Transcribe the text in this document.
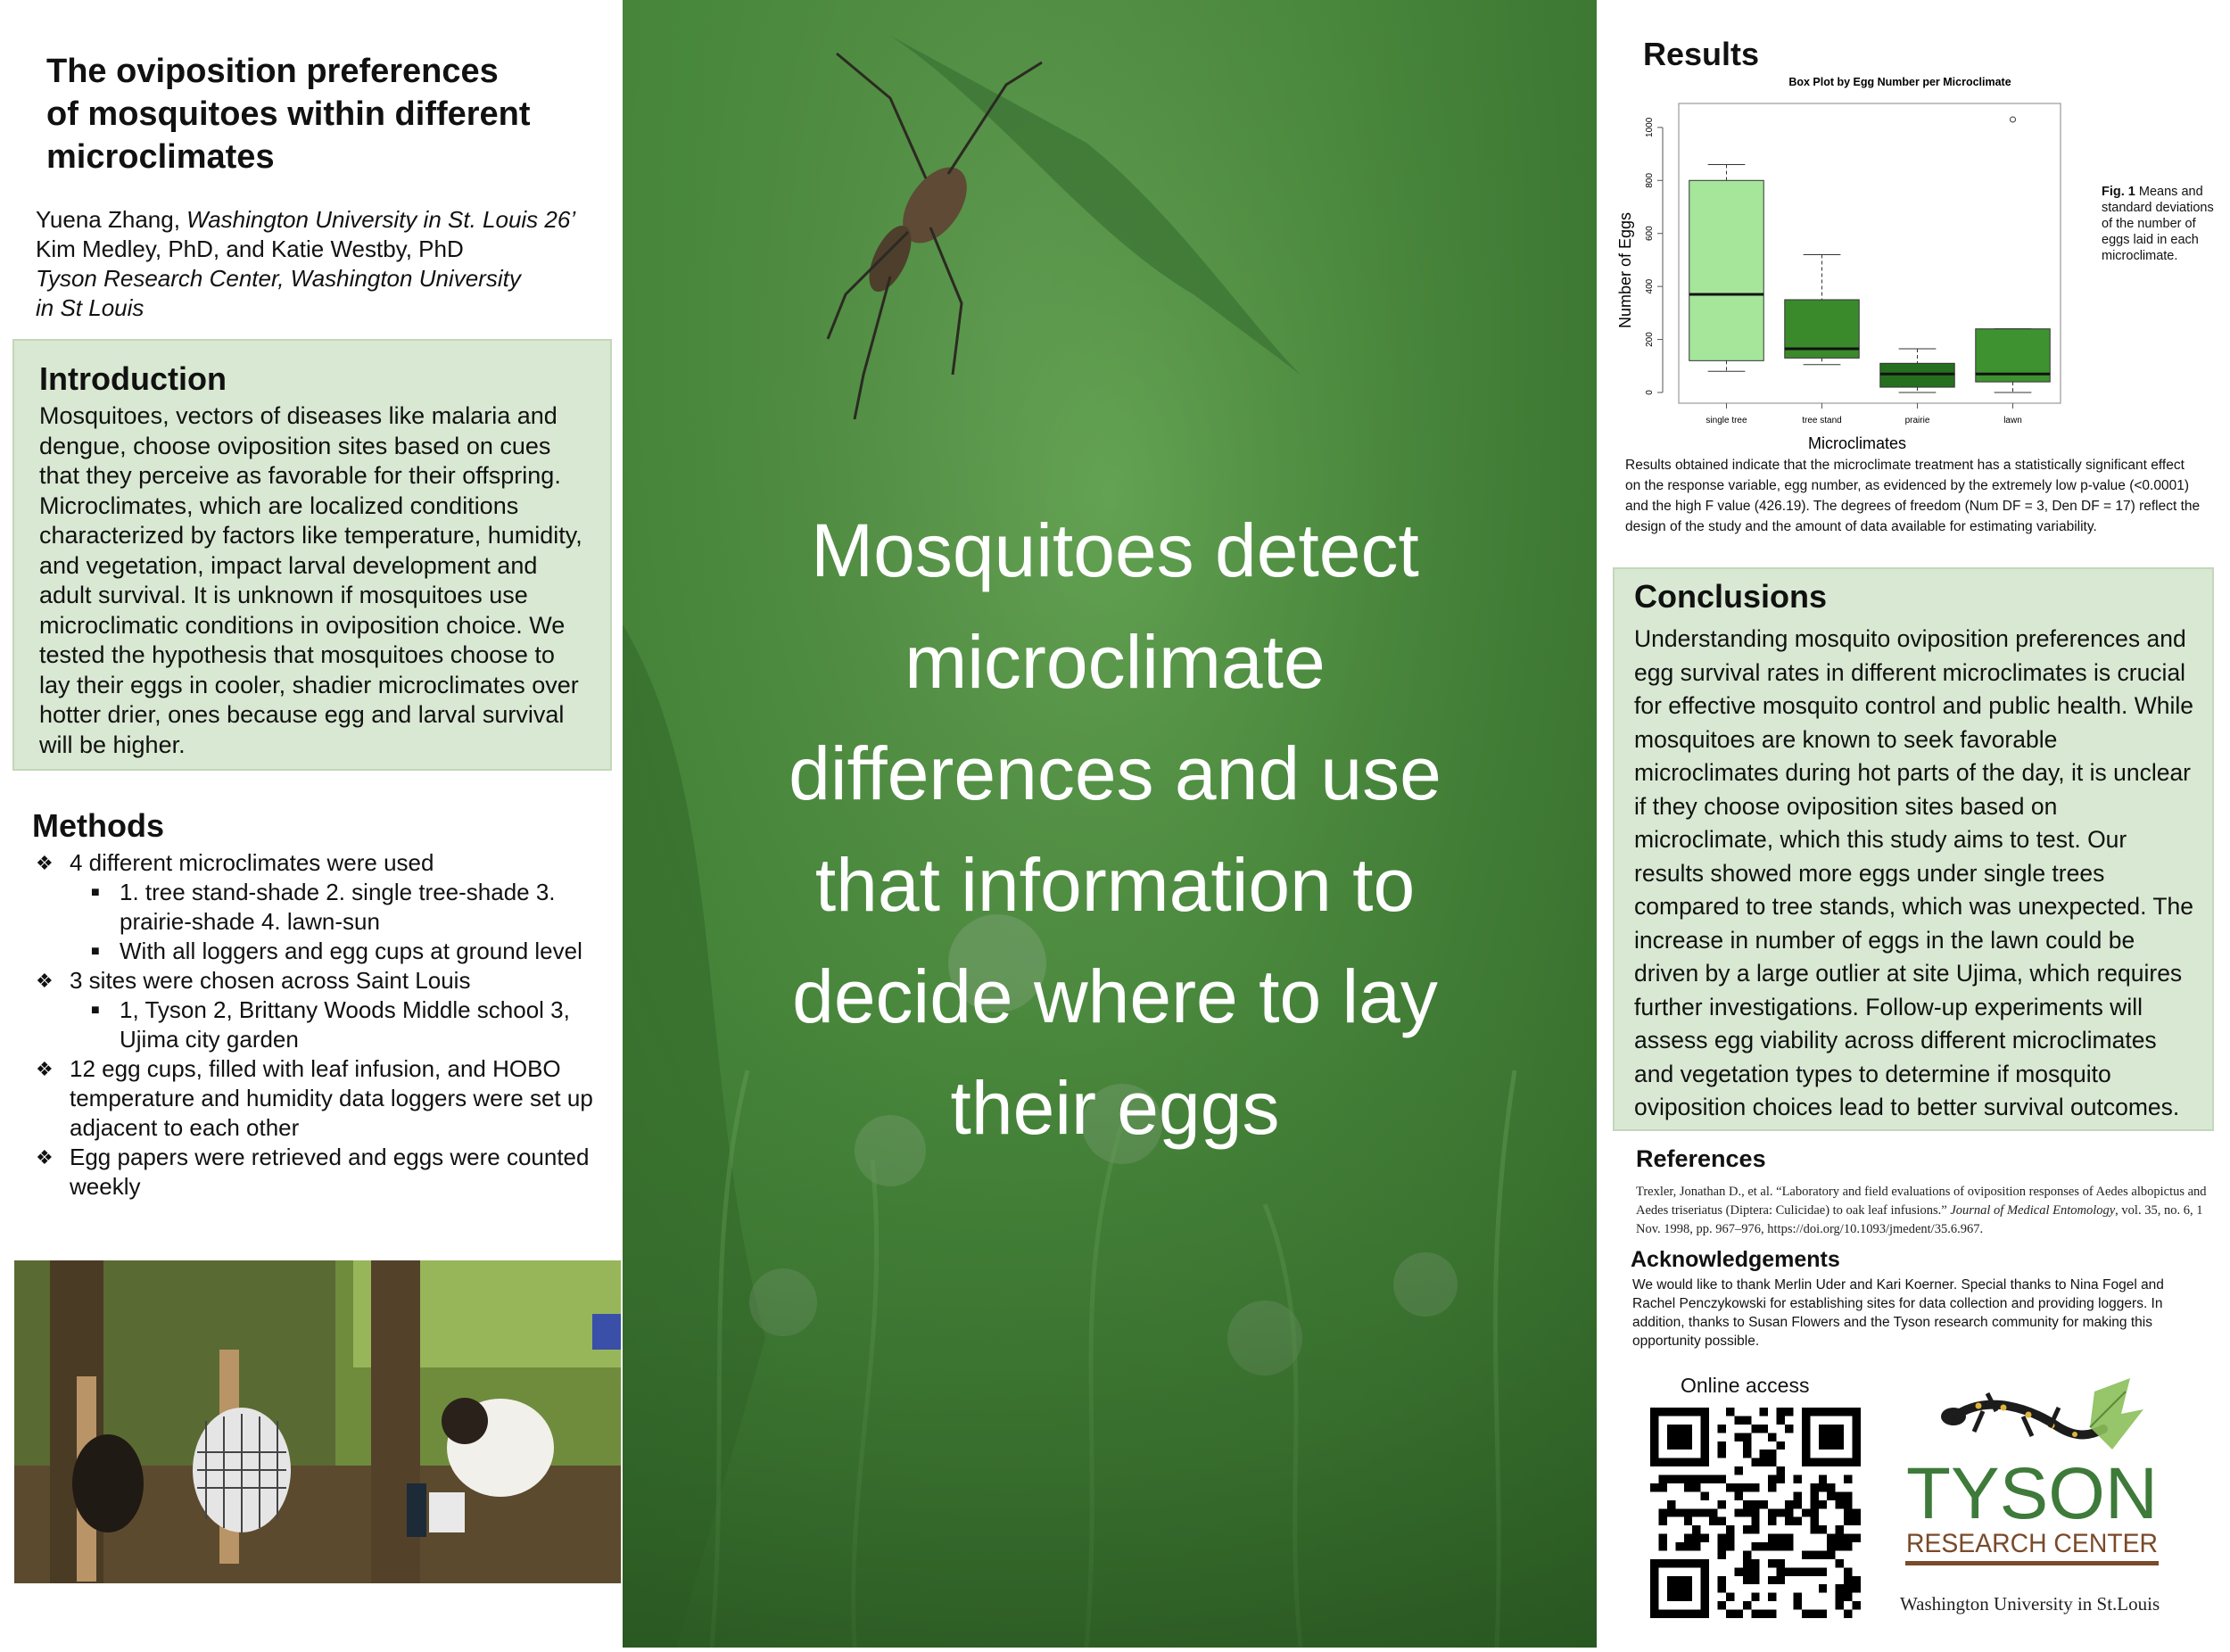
The oviposition preferences
of mosquitoes within different
microclimates
Yuena Zhang, Washington University in St. Louis 26’
Kim Medley, PhD, and Katie Westby, PhD
Tyson Research Center, Washington University
in St Louis
Introduction

Mosquitoes, vectors of diseases like malaria and dengue, choose oviposition sites based on cues that they perceive as favorable for their offspring. Microclimates, which are localized conditions characterized by factors like temperature, humidity, and vegetation, impact larval development and adult survival. It is unknown if mosquitoes use microclimatic conditions in oviposition choice. We tested the hypothesis that mosquitoes choose to lay their eggs in cooler, shadier microclimates over hotter drier, ones because egg and larval survival will be higher.

Methods
❖ 4 different microclimates were used
■ 1. tree stand-shade 2. single tree-shade 3. prairie-shade 4. lawn-sun
■ With all loggers and egg cups at ground level
❖ 3 sites were chosen across Saint Louis
■ 1, Tyson 2, Brittany Woods Middle school 3, Ujima city garden
❖ 12 egg cups, filled with leaf infusion, and HOBO temperature and humidity data loggers were set up adjacent to each other
❖ Egg papers were retrieved and eggs were counted weekly
Mosquitoes detect microclimate differences and use that information to decide where to lay their eggs
Results
Box Plot by Egg Number per Microclimate
0
200
400
600
800
1000
single tree	tree stand	prairie	lawn
Number of Eggs
Microclimates
Fig. 1 Means and standard deviations of the number of eggs laid in each microclimate.
Results obtained indicate that the microclimate treatment has a statistically significant effect on the response variable, egg number, as evidenced by the extremely low p-value (<0.0001) and the high F value (426.19). The degrees of freedom (Num DF = 3, Den DF = 17) reflect the design of the study and the amount of data available for estimating variability.
Conclusions

Understanding mosquito oviposition preferences and egg survival rates in different microclimates is crucial for effective mosquito control and public health. While mosquitoes are known to seek favorable microclimates during hot parts of the day, it is unclear if they choose oviposition sites based on microclimate, which this study aims to test. Our results showed more eggs under single trees compared to tree stands, which was unexpected. The increase in number of eggs in the lawn could be driven by a large outlier at site Ujima, which requires further investigations. Follow-up experiments will assess egg viability across different microclimates and vegetation types to determine if mosquito oviposition choices lead to better survival outcomes.

References
Trexler, Jonathan D., et al. “Laboratory and field evaluations of oviposition responses of Aedes albopictus and Aedes triseriatus (Diptera: Culicidae) to oak leaf infusions.” Journal of Medical Entomology, vol. 35, no. 6, 1 Nov. 1998, pp. 967–976, https://doi.org/10.1093/jmedent/35.6.967.
Acknowledgements
We would like to thank Merlin Uder and Kari Koerner. Special thanks to Nina Fogel and Rachel Penczykowski for establishing sites for data collection and providing loggers. In addition, thanks to Susan Flowers and the Tyson research community for making this opportunity possible.
Online access
TYSON
RESEARCH CENTER
Washington University in St.Louis
